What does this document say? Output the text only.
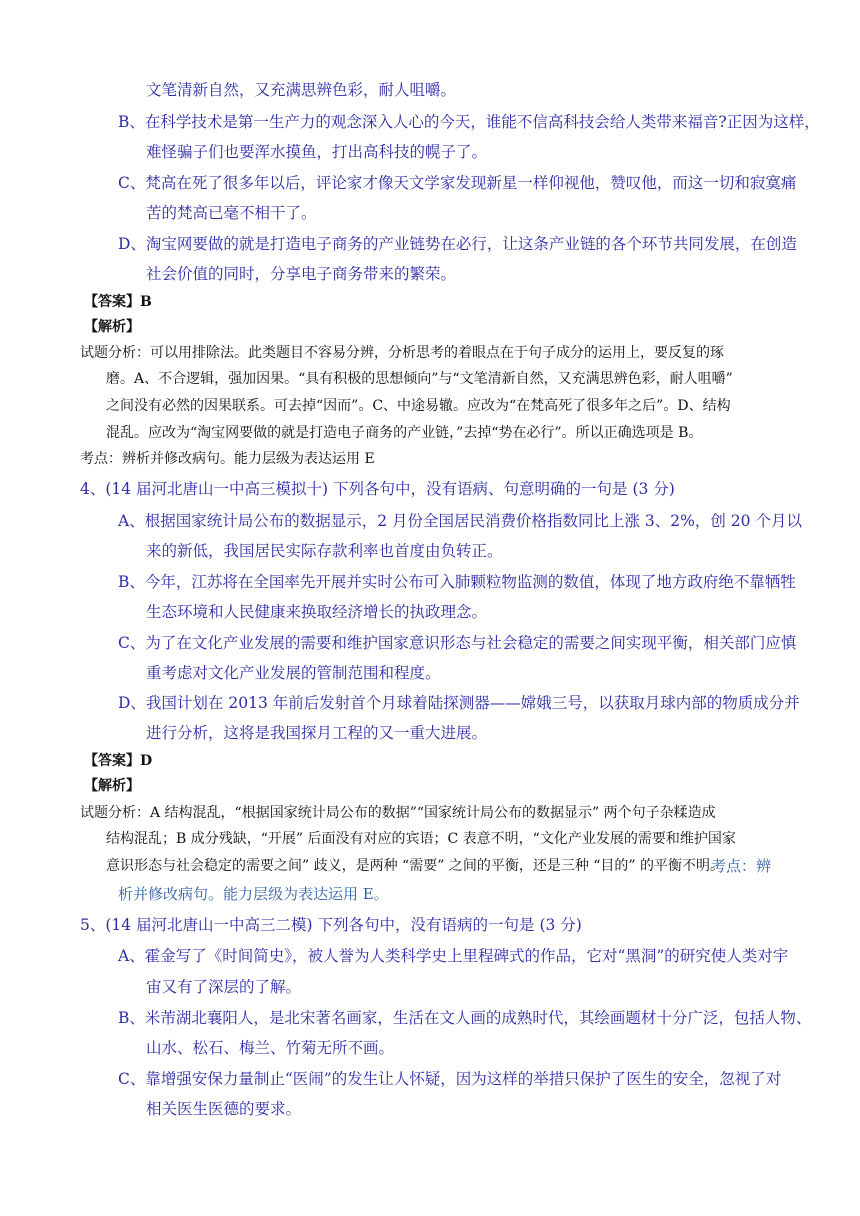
文笔清新自然，又充满思辨色彩，耐人咀嚼。
B、在科学技术是第一生产力的观念深入人心的今天，谁能不信高科技会给人类带来福音?正因为这样，
难怪骗子们也要浑水摸鱼，打出高科技的幌子了。
C、梵高在死了很多年以后，评论家才像天文学家发现新星一样仰视他，赞叹他，而这一切和寂寞痛
苦的梵高已毫不相干了。
D、淘宝网要做的就是打造电子商务的产业链势在必行，让这条产业链的各个环节共同发展，在创造
社会价值的同时，分享电子商务带来的繁荣。
【答案】B
【解析】
试题分析：可以用排除法。此类题目不容易分辨，分析思考的着眼点在于句子成分的运用上，要反复的琢
磨。A、不合逻辑，强加因果。“具有积极的思想倾向”与“文笔清新自然，又充满思辨色彩，耐人咀嚼”
之间没有必然的因果联系。可去掉“因而”。C、中途易辙。应改为“在梵高死了很多年之后”。D、结构
混乱。应改为“淘宝网要做的就是打造电子商务的产业链，”去掉“势在必行”。所以正确选项是 B。
考点：辨析并修改病句。能力层级为表达运用 E
4、(14 届河北唐山一中高三模拟十) 下列各句中，没有语病、句意明确的一句是 (3 分)
A、根据国家统计局公布的数据显示，2 月份全国居民消费价格指数同比上涨 3、2%，创 20 个月以
来的新低，我国居民实际存款利率也首度由负转正。
B、今年，江苏将在全国率先开展并实时公布可入肺颗粒物监测的数值，体现了地方政府绝不靠牺牲
生态环境和人民健康来换取经济增长的执政理念。
C、为了在文化产业发展的需要和维护国家意识形态与社会稳定的需要之间实现平衡，相关部门应慎
重考虑对文化产业发展的管制范围和程度。
D、我国计划在 2013 年前后发射首个月球着陆探测器——嫦娥三号，以获取月球内部的物质成分并
进行分析，这将是我国探月工程的又一重大进展。
【答案】D
【解析】
试题分析：A 结构混乱，“根据国家统计局公布的数据”“国家统计局公布的数据显示” 两个句子杂糅造成
结构混乱；B 成分残缺，“开展” 后面没有对应的宾语；C 表意不明，“文化产业发展的需要和维护国家
意识形态与社会稳定的需要之间” 歧义，是两种 “需要” 之间的平衡，还是三种 “目的” 的平衡不明。
考点：辨
析并修改病句。能力层级为表达运用 E。
5、(14 届河北唐山一中高三二模) 下列各句中，没有语病的一句是 (3 分)
A、霍金写了《时间简史》，被人誉为人类科学史上里程碑式的作品，它对“黑洞”的研究使人类对宇
宙又有了深层的了解。
B、米芾湖北襄阳人，是北宋著名画家，生活在文人画的成熟时代，其绘画题材十分广泛，包括人物、
山水、松石、梅兰、竹菊无所不画。
C、靠增强安保力量制止“医闹”的发生让人怀疑，因为这样的举措只保护了医生的安全，忽视了对
相关医生医德的要求。
